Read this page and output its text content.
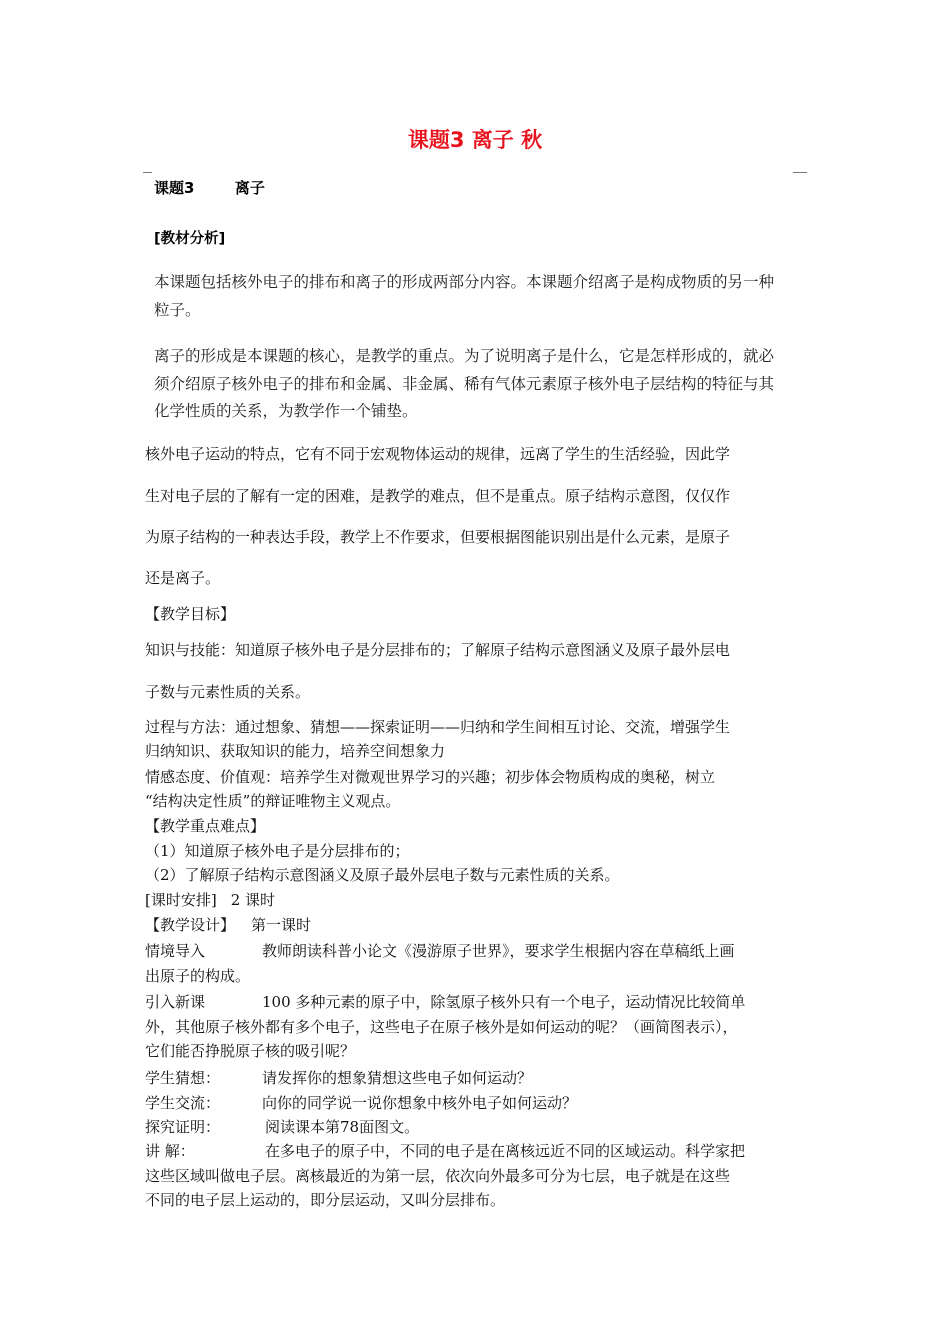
课题3 离子 秋
课题3	离子
[教材分析]
本课题包括核外电子的排布和离子的形成两部分内容。本课题介绍离子是构成物质的另一种
粒子。
离子的形成是本课题的核心，是教学的重点。为了说明离子是什么，它是怎样形成的，就必
须介绍原子核外电子的排布和金属、非金属、稀有气体元素原子核外电子层结构的特征与其
化学性质的关系，为教学作一个铺垫。
核外电子运动的特点，它有不同于宏观物体运动的规律，远离了学生的生活经验，因此学
生对电子层的了解有一定的困难，是教学的难点，但不是重点。原子结构示意图，仅仅作
为原子结构的一种表达手段，教学上不作要求，但要根据图能识别出是什么元素，是原子
还是离子。
【教学目标】
知识与技能：知道原子核外电子是分层排布的；了解原子结构示意图涵义及原子最外层电
子数与元素性质的关系。
过程与方法：通过想象、猜想——探索证明——归纳和学生间相互讨论、交流，增强学生
归纳知识、获取知识的能力，培养空间想象力
情感态度、价值观：培养学生对微观世界学习的兴趣；初步体会物质构成的奥秘，树立
“结构决定性质”的辩证唯物主义观点。
【教学重点难点】
（1）知道原子核外电子是分层排布的；
（2）了解原子结构示意图涵义及原子最外层电子数与元素性质的关系。
[课时安排] 2 课时
【教学设计】 第一课时
情境导入	教师朗读科普小论文《漫游原子世界》，要求学生根据内容在草稿纸上画
出原子的构成。
引入新课	100 多种元素的原子中，除氢原子核外只有一个电子，运动情况比较简单
外，其他原子核外都有多个电子，这些电子在原子核外是如何运动的呢？（画简图表示），
它们能否挣脱原子核的吸引呢？
学生猜想：	请发挥你的想象猜想这些电子如何运动？
学生交流：	向你的同学说一说你想象中核外电子如何运动？
探究证明：	阅读课本第78面图文。
讲 解：	在多电子的原子中，不同的电子是在离核远近不同的区域运动。科学家把
这些区域叫做电子层。离核最近的为第一层，依次向外最多可分为七层，电子就是在这些
不同的电子层上运动的，即分层运动，又叫分层排布。
